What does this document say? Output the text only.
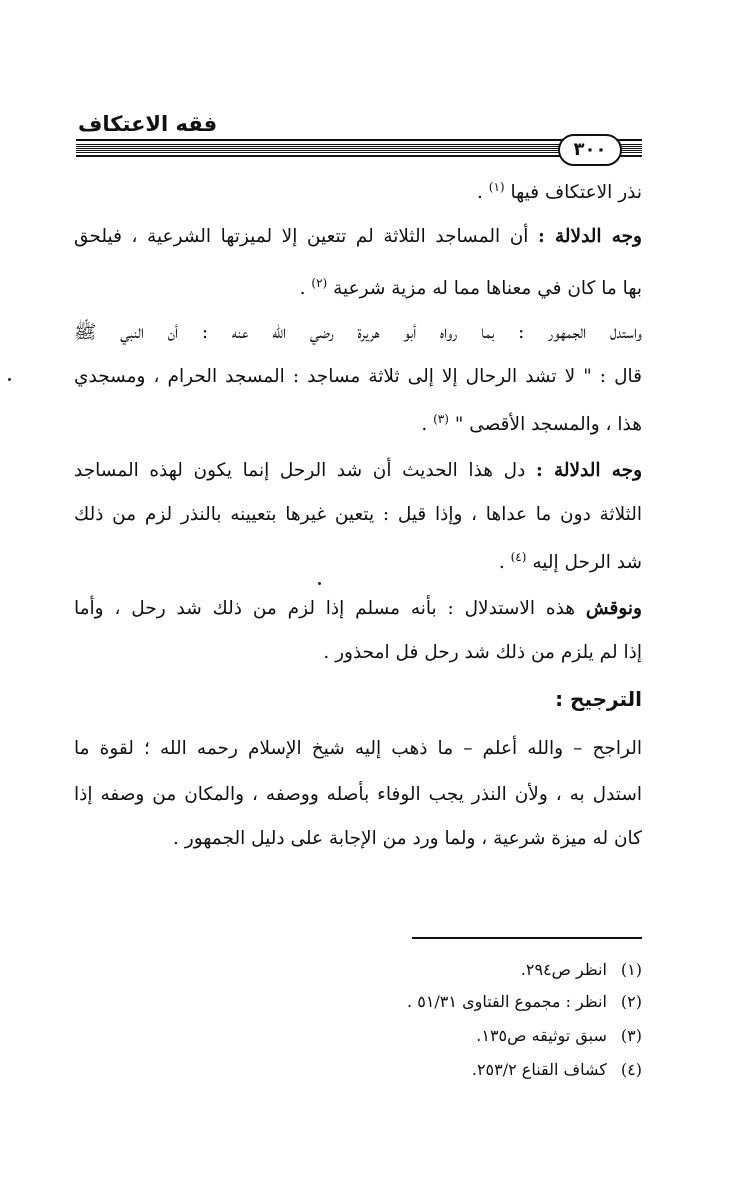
فقه الاعتكاف
٣٠٠
نذر الاعتكاف فيها $^{(١)}$ .
وجه الدلالة : أن المساجد الثلاثة لم تتعين إلا لميزتها الشرعية ، فيلحق
بها ما كان في معناها مما له مزية شرعية $^{(٢)}$ .
واستدل الجمهور : بما رواه أبو هريرة رضي الله عنه : أن النبي ﷺ
قال : " لا تشد الرحال إلا إلى ثلاثة مساجد : المسجد الحرام ، ومسجدي
هذا ، والمسجد الأقصى " $^{(٣)}$ .
وجه الدلالة : دل هذا الحديث أن شد الرحل إنما يكون لهذه المساجد
الثلاثة دون ما عداها ، وإذا قيل : يتعين غيرها بتعيينه بالنذر لزم من ذلك
شد الرحل إليه $^{(٤)}$ .
ونوقش هذه الاستدلال : بأنه مسلم إذا لزم من ذلك شد رحل ، وأما
إذا لم يلزم من ذلك شد رحل فل امحذور .
الترجيح :
الراجح – والله أعلم – ما ذهب إليه شيخ الإسلام رحمه الله ؛ لقوة ما
استدل به ، ولأن النذر يجب الوفاء بأصله ووصفه ، والمكان من وصفه إذا
كان له ميزة شرعية ، ولما ورد من الإجابة على دليل الجمهور .
(١) انظر ص٢٩٤.
(٢) انظر : مجموع الفتاوى ٥١/٣١ .
(٣) سبق توثيقه ص١٣٥.
(٤) كشاف القناع ٢٥٣/٢.
